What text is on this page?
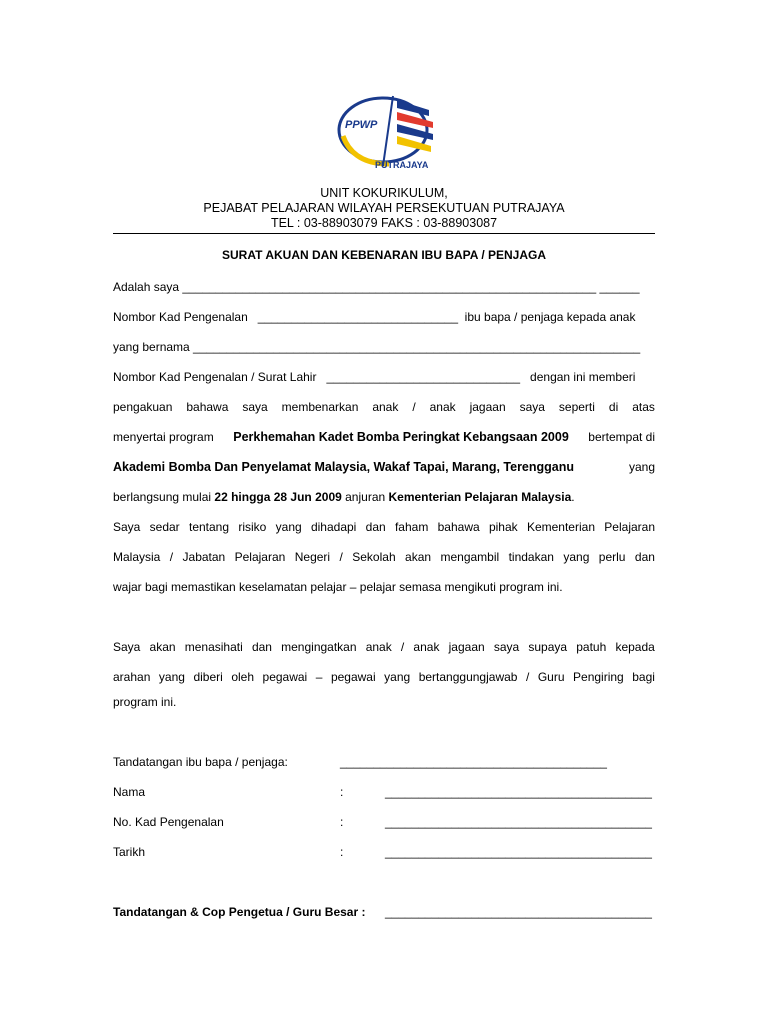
PPWP
PUTRAJAYA
UNIT KOKURIKULUM,
PEJABAT PELAJARAN WILAYAH PERSEKUTUAN PUTRAJAYA
TEL : 03-88903079 FAKS : 03-88903087
SURAT AKUAN DAN KEBENARAN IBU BAPA / PENJAGA
Adalah saya ______________________________________________________________ ______
Nombor Kad Pengenalan ______________________________ ibu bapa / penjaga kepada anak
yang bernama ___________________________________________________________________
Nombor Kad Pengenalan / Surat Lahir _____________________________ dengan ini memberi
pengakuan bahawa saya membenarkan anak / anak jagaan saya seperti di atas
menyertai program Perkhemahan Kadet Bomba Peringkat Kebangsaan 2009 bertempat di
Akademi Bomba Dan Penyelamat Malaysia, Wakaf Tapai, Marang, Terengganu	yang
berlangsung mulai 22 hingga 28 Jun 2009 anjuran Kementerian Pelajaran Malaysia.
Saya sedar tentang risiko yang dihadapi dan faham bahawa pihak Kementerian Pelajaran
Malaysia / Jabatan Pelajaran Negeri / Sekolah akan mengambil tindakan yang perlu dan
wajar bagi memastikan keselamatan pelajar – pelajar semasa mengikuti program ini.
Saya akan menasihati dan mengingatkan anak / anak jagaan saya supaya patuh kepada
arahan yang diberi oleh pegawai – pegawai yang bertanggungjawab / Guru Pengiring bagi
program ini.
Tandatangan ibu bapa / penjaga:	________________________________________
Nama	:	________________________________________
No. Kad Pengenalan	:	________________________________________
Tarikh	:	________________________________________
Tandatangan & Cop Pengetua / Guru Besar : ________________________________________
